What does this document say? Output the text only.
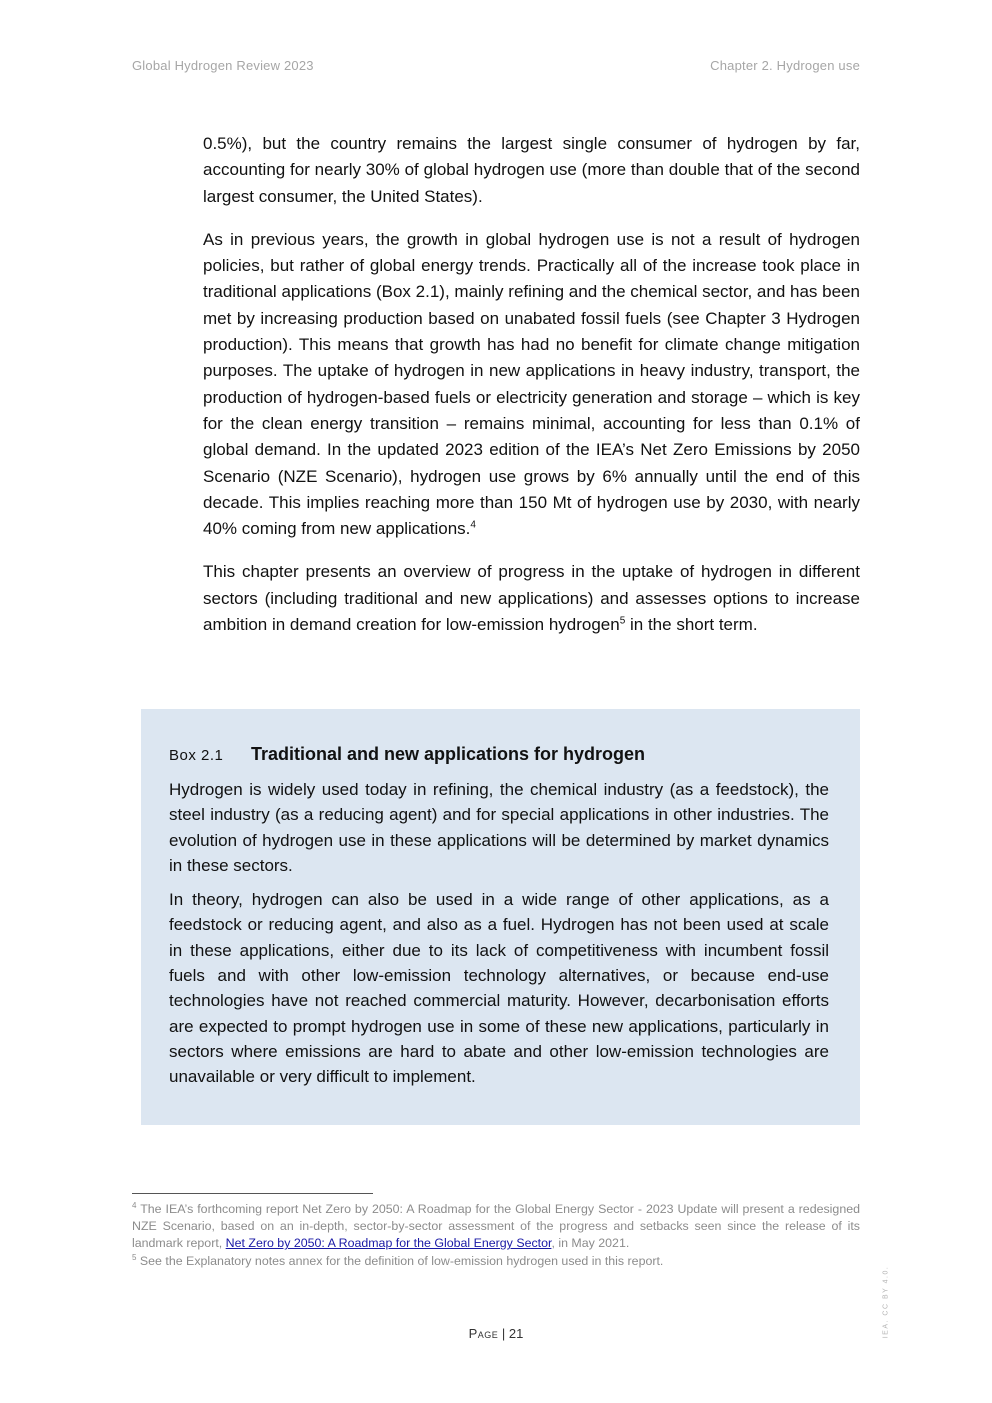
Global Hydrogen Review 2023	Chapter 2. Hydrogen use

0.5%), but the country remains the largest single consumer of hydrogen by far, accounting for nearly 30% of global hydrogen use (more than double that of the second largest consumer, the United States).

As in previous years, the growth in global hydrogen use is not a result of hydrogen policies, but rather of global energy trends. Practically all of the increase took place in traditional applications (Box 2.1), mainly refining and the chemical sector, and has been met by increasing production based on unabated fossil fuels (see Chapter 3 Hydrogen production). This means that growth has had no benefit for climate change mitigation purposes. The uptake of hydrogen in new applications in heavy industry, transport, the production of hydrogen-based fuels or electricity generation and storage – which is key for the clean energy transition – remains minimal, accounting for less than 0.1% of global demand. In the updated 2023 edition of the IEA’s Net Zero Emissions by 2050 Scenario (NZE Scenario), hydrogen use grows by 6% annually until the end of this decade. This implies reaching more than 150 Mt of hydrogen use by 2030, with nearly 40% coming from new applications.$^4$

This chapter presents an overview of progress in the uptake of hydrogen in different sectors (including traditional and new applications) and assesses options to increase ambition in demand creation for low-emission hydrogen$^5$ in the short term.

Box 2.1 Traditional and new applications for hydrogen

Hydrogen is widely used today in refining, the chemical industry (as a feedstock), the steel industry (as a reducing agent) and for special applications in other industries. The evolution of hydrogen use in these applications will be determined by market dynamics in these sectors.

In theory, hydrogen can also be used in a wide range of other applications, as a feedstock or reducing agent, and also as a fuel. Hydrogen has not been used at scale in these applications, either due to its lack of competitiveness with incumbent fossil fuels and with other low-emission technology alternatives, or because end-use technologies have not reached commercial maturity. However, decarbonisation efforts are expected to prompt hydrogen use in some of these new applications, particularly in sectors where emissions are hard to abate and other low-emission technologies are unavailable or very difficult to implement.

$^4$ The IEA’s forthcoming report Net Zero by 2050: A Roadmap for the Global Energy Sector - 2023 Update will present a redesigned NZE Scenario, based on an in-depth, sector-by-sector assessment of the progress and setbacks seen since the release of its landmark report, Net Zero by 2050: A Roadmap for the Global Energy Sector, in May 2021.

$^5$ See the Explanatory notes annex for the definition of low-emission hydrogen used in this report.

Page | 21	IEA. CC BY 4.0.
